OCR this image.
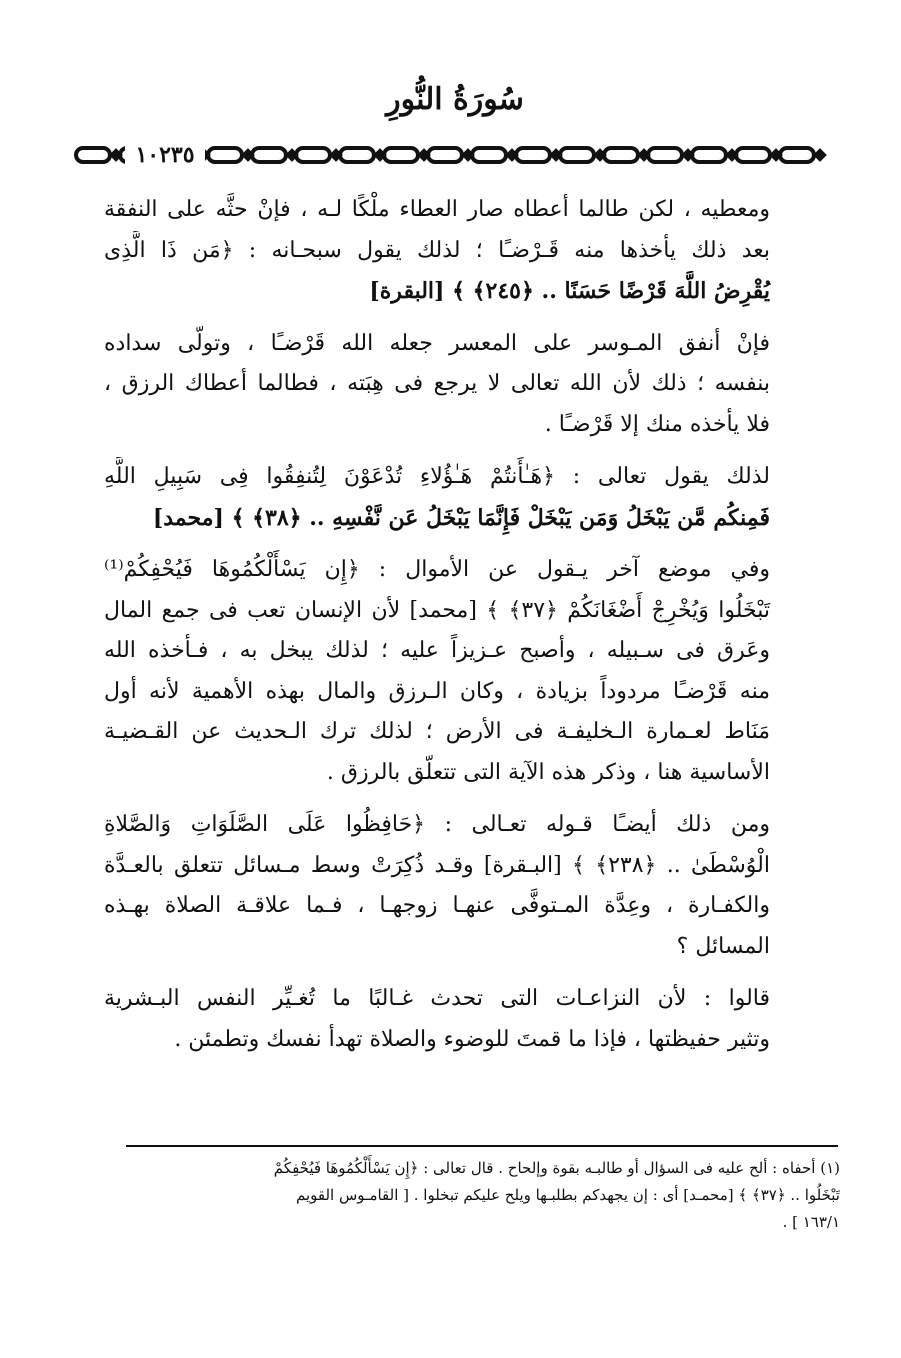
سُورَةُ النُّورِ
١٠٢٣٥
ومعطيه ، لكن طالما أعطاه صار العطاء ملْكًا لـه ، فإنْ حثَّه على النفقة
بعد ذلك يأخذها منه قَـرْضـًا ؛ لذلك يقول سبحـانه : ﴿مَن ذَا الَّذِى
يُقْرِضُ اللَّهَ قَرْضًا حَسَنًا .. ﴿٢٤٥﴾ ﴾ [البقرة]
فإنْ أنفق المـوسر على المعسر جعله الله قَرْضـًا ، وتولّى سداده
بنفسه ؛ ذلك لأن الله تعالى لا يرجع فى هِبَته ، فطالما أعطاك الرزق ،
فلا يأخذه منك إلا قَرْضـًا .
لذلك يقول تعالى : ﴿هَـٰأَنتُمْ هَـٰؤُلاءِ تُدْعَوْنَ لِتُنفِقُوا فِى سَبِيلِ اللَّهِ
فَمِنكُم مَّن يَبْخَلُ وَمَن يَبْخَلْ فَإِنَّمَا يَبْخَلُ عَن نَّفْسِهِ .. ﴿٣٨﴾ ﴾ [محمد]
وفي موضع آخر يـقول عن الأموال : ﴿إِن يَسْأَلْكُمُوهَا فَيُحْفِكُمْ⁽¹⁾
تَبْخَلُوا وَيُخْرِجْ أَضْغَانَكُمْ ﴿٣٧﴾ ﴾ [محمد] لأن الإنسان تعب فى جمع المال
وعَرق فى سـبيله ، وأصبح عـزيزاً عليه ؛ لذلك يبخل به ، فـأخذه الله
منه قَرْضـًا مردوداً بزيادة ، وكان الـرزق والمال بهذه الأهمية لأنه أول
مَنَاط لعـمارة الـخليفـة فى الأرض ؛ لذلك ترك الـحديث عن القـضيـة
الأساسية هنا ، وذكر هذه الآية التى تتعلّق بالرزق .
ومن ذلك أيضـًا قـوله تعـالى : ﴿حَافِظُوا عَلَى الصَّلَوَاتِ وَالصَّلاةِ
الْوُسْطَىٰ .. ﴿٢٣٨﴾ ﴾ [البـقرة] وقـد ذُكِرَتْ وسط مـسائل تتعلق بالعـدَّة
والكفـارة ، وعِدَّة المـتوفَّى عنهـا زوجهـا ، فـما علاقـة الصلاة بهـذه
المسائل ؟
قالوا : لأن النزاعـات التى تحدث غـالبًا ما تُغـيِّر النفس البـشرية
وتثير حفيظتها ، فإذا ما قمتَ للوضوء والصلاة تهدأ نفسك وتطمئن .
(١) أحفاه : ألح عليه فى السؤال أو طالبـه بقوة وإلحاح . قال تعالى : ﴿إِن يَسْأَلْكُمُوهَا فَيُحْفِكُمْ
تَبْخَلُوا .. ﴿٣٧﴾ ﴾ [محمـد] أى : إن يجهدكم بطلبـها ويلح عليكم تبخلوا . [ القامـوس القويم
١٦٣/١ ] .
